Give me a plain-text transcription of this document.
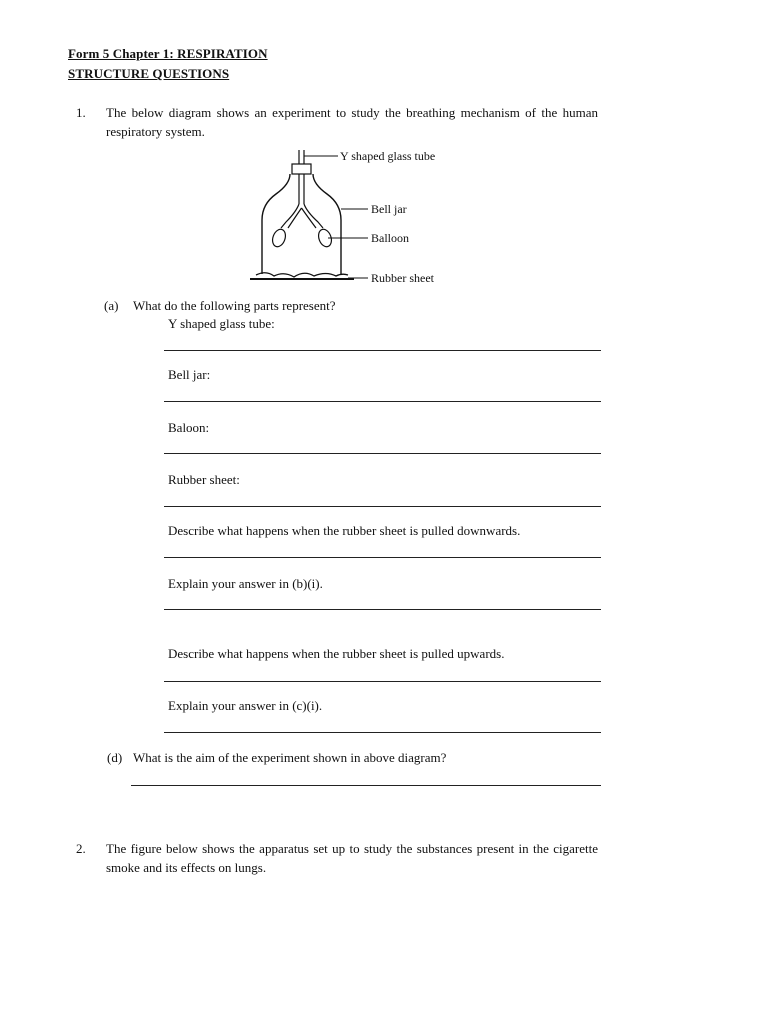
Form 5 Chapter 1: RESPIRATION
STRUCTURE QUESTIONS
1. The below diagram shows an experiment to study the breathing mechanism of the human respiratory system.
Y shaped glass tube
Bell jar
Balloon
Rubber sheet
(a) What do the following parts represent?
Y shaped glass tube:
Bell jar:
Baloon:
Rubber sheet:
Describe what happens when the rubber sheet is pulled downwards.
Explain your answer in (b)(i).
Describe what happens when the rubber sheet is pulled upwards.
Explain your answer in (c)(i).
(d) What is the aim of the experiment shown in above diagram?
2. The figure below shows the apparatus set up to study the substances present in the cigarette smoke and its effects on lungs.
